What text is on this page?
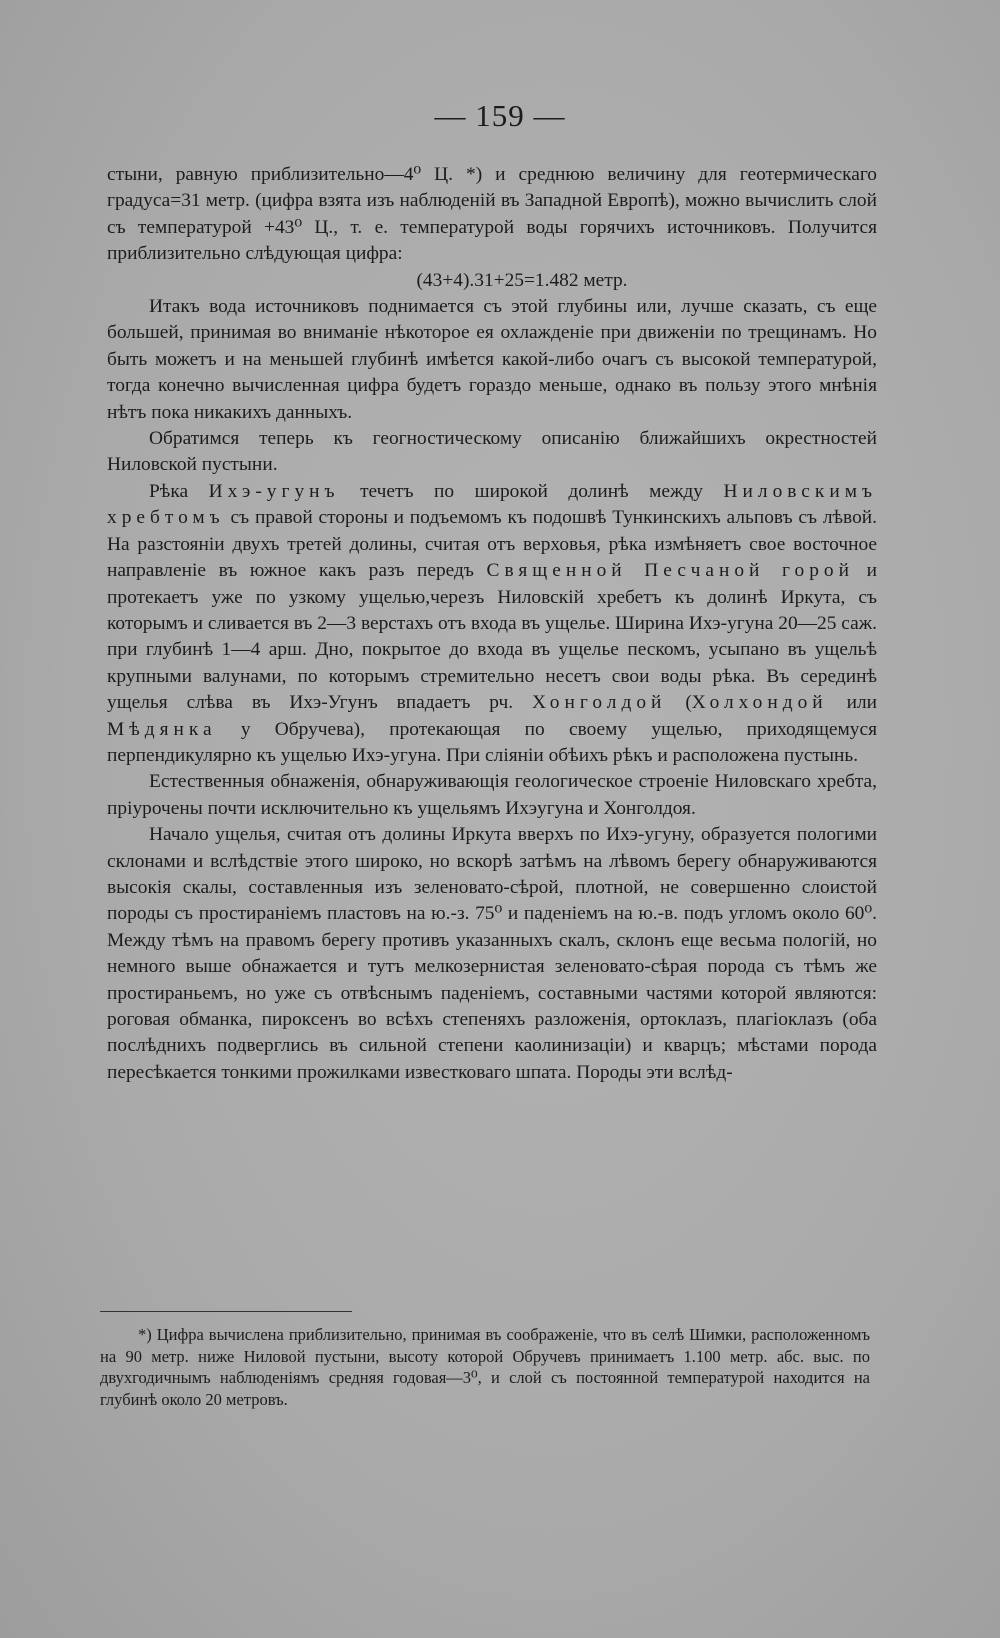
— 159 —

стыни, равную приблизительно—4⁰ Ц. *) и среднюю величину для геотермическаго градуса=31 метр. (цифра взята изъ наблюденій въ Западной Европѣ), можно вычислить слой съ температурой +43⁰ Ц., т. е. температурой воды горячихъ источниковъ. Получится приблизительно слѣдующая цифра:

(43+4).31+25=1.482 метр.

Итакъ вода источниковъ поднимается съ этой глубины или, лучше сказать, съ еще большей, принимая во вниманіе нѣкоторое ея охлажденіе при движеніи по трещинамъ. Но быть можетъ и на меньшей глубинѣ имѣется какой-либо очагъ съ высокой температурой, тогда конечно вычисленная цифра будетъ гораздо меньше, однако въ пользу этого мнѣнія нѣтъ пока никакихъ данныхъ.

Обратимся теперь къ геогностическому описанію ближайшихъ окрестностей Ниловской пустыни.

Рѣка Ихэ-угунъ течетъ по широкой долинѣ между Ниловскимъ хребтомъ съ правой стороны и подъемомъ къ подошвѣ Тункинскихъ альповъ съ лѣвой. На разстояніи двухъ третей долины, считая отъ верховья, рѣка измѣняетъ свое восточное направленіе въ южное какъ разъ передъ Священной Песчаной горой и протекаетъ уже по узкому ущелью,черезъ Ниловскій хребетъ къ долинѣ Иркута, съ которымъ и сливается въ 2—3 верстахъ отъ входа въ ущелье. Ширина Ихэ-угуна 20—25 саж. при глубинѣ 1—4 арш. Дно, покрытое до входа въ ущелье пескомъ, усыпано въ ущельѣ крупными валунами, по которымъ стремительно несетъ свои воды рѣка. Въ серединѣ ущелья слѣва въ Ихэ-Угунъ впадаетъ рч. Хонголдой (Холхондой или Мѣдянка у Обручева), протекающая по своему ущелью, приходящемуся перпендикулярно къ ущелью Ихэ-угуна. При сліяніи обѣихъ рѣкъ и расположена пустынь.

Естественныя обнаженія, обнаруживающія геологическое строеніе Ниловскаго хребта, пріурочены почти исключительно къ ущельямъ Ихэугуна и Хонголдоя.

Начало ущелья, считая отъ долины Иркута вверхъ по Ихэ-угуну, образуется пологими склонами и вслѣдствіе этого широко, но вскорѣ затѣмъ на лѣвомъ берегу обнаруживаются высокія скалы, составленныя изъ зеленовато-сѣрой, плотной, не совершенно слоистой породы съ простираніемъ пластовъ на ю.-з. 75⁰ и паденіемъ на ю.-в. подъ угломъ около 60⁰. Между тѣмъ на правомъ берегу противъ указанныхъ скалъ, склонъ еще весьма пологій, но немного выше обнажается и тутъ мелкозернистая зеленовато-сѣрая порода съ тѣмъ же простираньемъ, но уже съ отвѣснымъ паденіемъ, составными частями которой являются: роговая обманка, пироксенъ во всѣхъ степеняхъ разложенія, ортоклазъ, плагіоклазъ (оба послѣднихъ подверглись въ сильной степени каолинизаціи) и кварцъ; мѣстами порода пересѣкается тонкими прожилками известковаго шпата. Породы эти вслѣд-

*) Цифра вычислена приблизительно, принимая въ соображеніе, что въ селѣ Шимки, расположенномъ на 90 метр. ниже Ниловой пустыни, высоту которой Обручевъ принимаетъ 1.100 метр. абс. выс. по двухгодичнымъ наблюденіямъ средняя годовая—3⁰, и слой съ постоянной температурой находится на глубинѣ около 20 метровъ.
